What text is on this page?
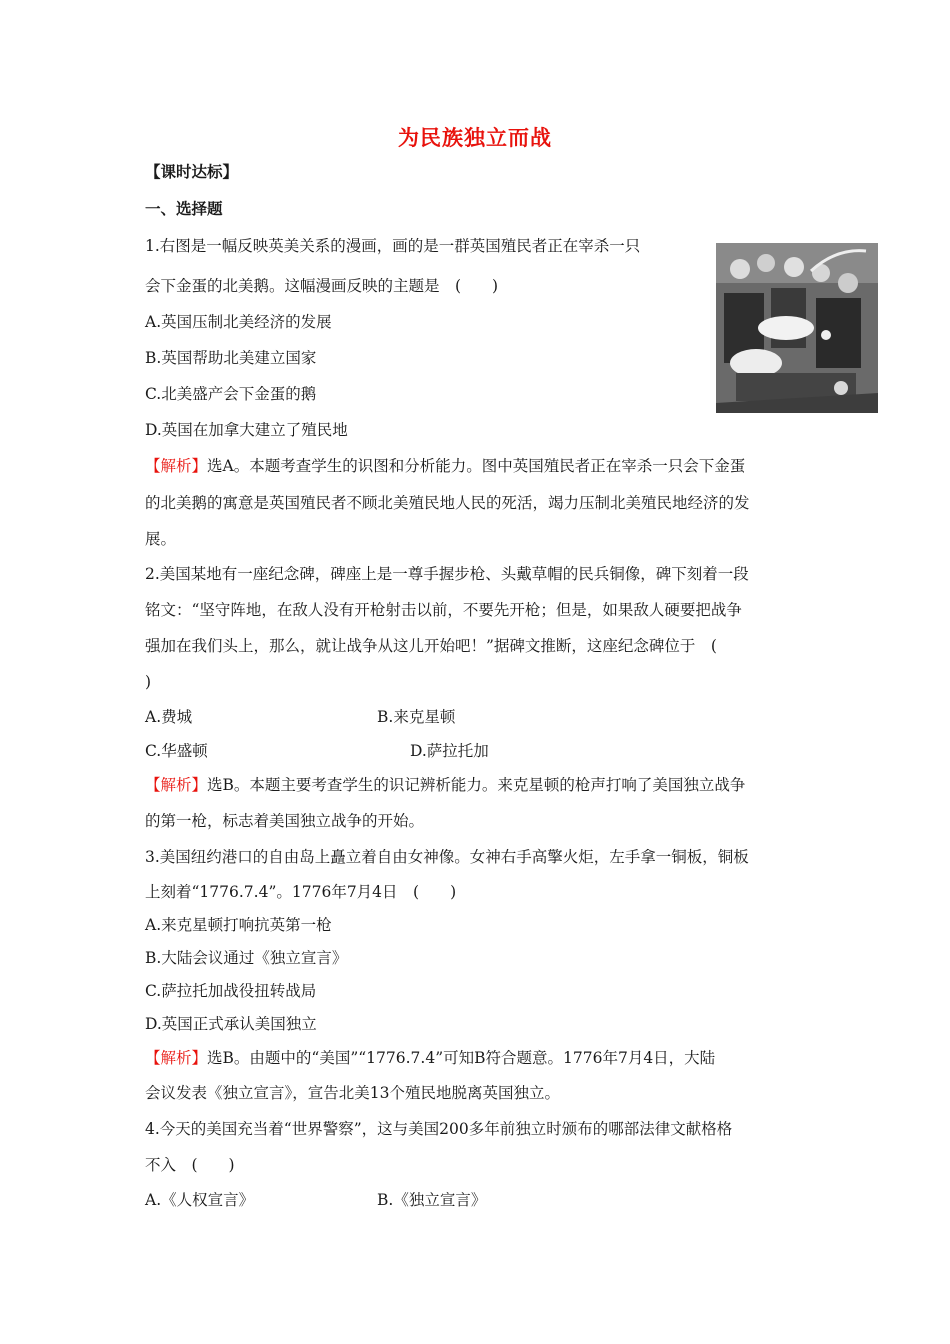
为民族独立而战
【课时达标】
一、选择题
1.右图是一幅反映英美关系的漫画，画的是一群英国殖民者正在宰杀一只
会下金蛋的北美鹅。这幅漫画反映的主题是　(　　)
A.英国压制北美经济的发展
B.英国帮助北美建立国家
C.北美盛产会下金蛋的鹅
D.英国在加拿大建立了殖民地
【解析】选A。本题考查学生的识图和分析能力。图中英国殖民者正在宰杀一只会下金蛋
的北美鹅的寓意是英国殖民者不顾北美殖民地人民的死活，竭力压制北美殖民地经济的发
展。
2.美国某地有一座纪念碑，碑座上是一尊手握步枪、头戴草帽的民兵铜像，碑下刻着一段
铭文：“坚守阵地，在敌人没有开枪射击以前，不要先开枪；但是，如果敌人硬要把战争
强加在我们头上，那么，就让战争从这儿开始吧！”据碑文推断，这座纪念碑位于　(
)
A.费城	B.来克星顿
C.华盛顿	D.萨拉托加
【解析】选B。本题主要考查学生的识记辨析能力。来克星顿的枪声打响了美国独立战争
的第一枪，标志着美国独立战争的开始。
3.美国纽约港口的自由岛上矗立着自由女神像。女神右手高擎火炬，左手拿一铜板，铜板
上刻着“1776.7.4”。1776年7月4日　(　　)
A.来克星顿打响抗英第一枪
B.大陆会议通过《独立宣言》
C.萨拉托加战役扭转战局
D.英国正式承认美国独立
【解析】选B。由题中的“美国”“1776.7.4”可知B符合题意。1776年7月4日，大陆
会议发表《独立宣言》，宣告北美13个殖民地脱离英国独立。
4.今天的美国充当着“世界警察”，这与美国200多年前独立时颁布的哪部法律文献格格
不入　(　　)
A.《人权宣言》	B.《独立宣言》
